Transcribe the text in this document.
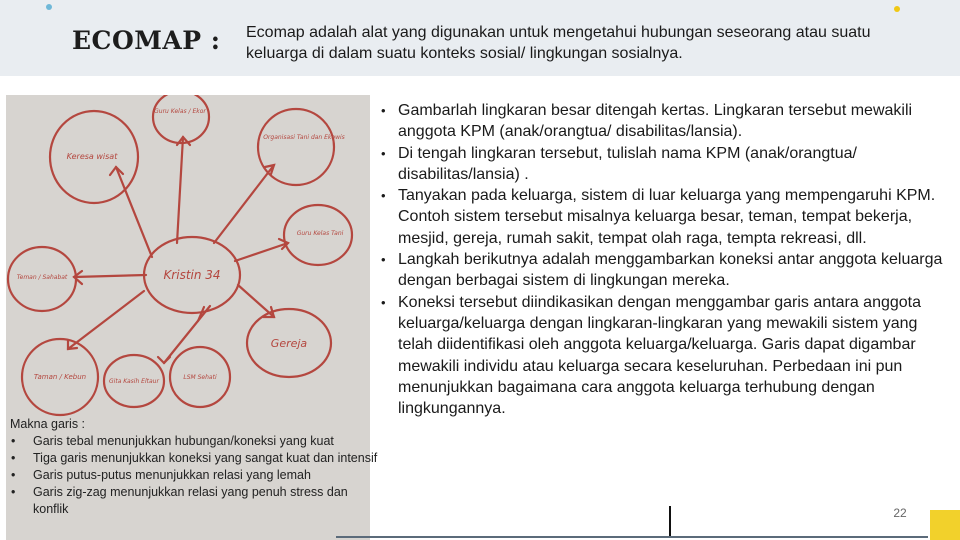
ECOMAP : Ecomap adalah alat yang digunakan untuk mengetahui hubungan seseorang atau suatu keluarga di dalam suatu konteks sosial/ lingkungan sosialnya.
Kristin 34
Guru Kelas / Ekor
Organisasi Tani dan Ekowis
Guru Kelas Tani
Teman / Sahabat
Keresa wisat
Taman / Kebun
Gita Kasih Eltaur
LSM Sehati
Gereja
Makna garis :
• Garis tebal menunjukkan hubungan/koneksi yang kuat
• Tiga garis menunjukkan koneksi yang sangat kuat dan intensif
• Garis putus-putus menunjukkan relasi yang lemah
• Garis zig-zag menunjukkan relasi yang penuh stress dan konflik
• Gambarlah lingkaran besar ditengah kertas. Lingkaran tersebut mewakili anggota KPM (anak/orangtua/ disabilitas/lansia).
• Di tengah lingkaran tersebut, tulislah nama KPM (anak/orangtua/ disabilitas/lansia) .
• Tanyakan pada keluarga, sistem di luar keluarga yang mempengaruhi KPM. Contoh sistem tersebut misalnya keluarga besar, teman, tempat bekerja, mesjid, gereja, rumah sakit, tempat olah raga, tempta rekreasi, dll.
• Langkah berikutnya adalah menggambarkan koneksi antar anggota keluarga dengan berbagai sistem di lingkungan mereka.
• Koneksi tersebut diindikasikan dengan menggambar garis antara anggota keluarga/keluarga dengan lingkaran-lingkaran yang mewakili sistem yang telah diidentifikasi oleh anggota keluarga/keluarga. Garis dapat digambar mewakili individu atau keluarga secara keseluruhan. Perbedaan ini pun menunjukkan bagaimana cara anggota keluarga terhubung dengan lingkungannya.
22
